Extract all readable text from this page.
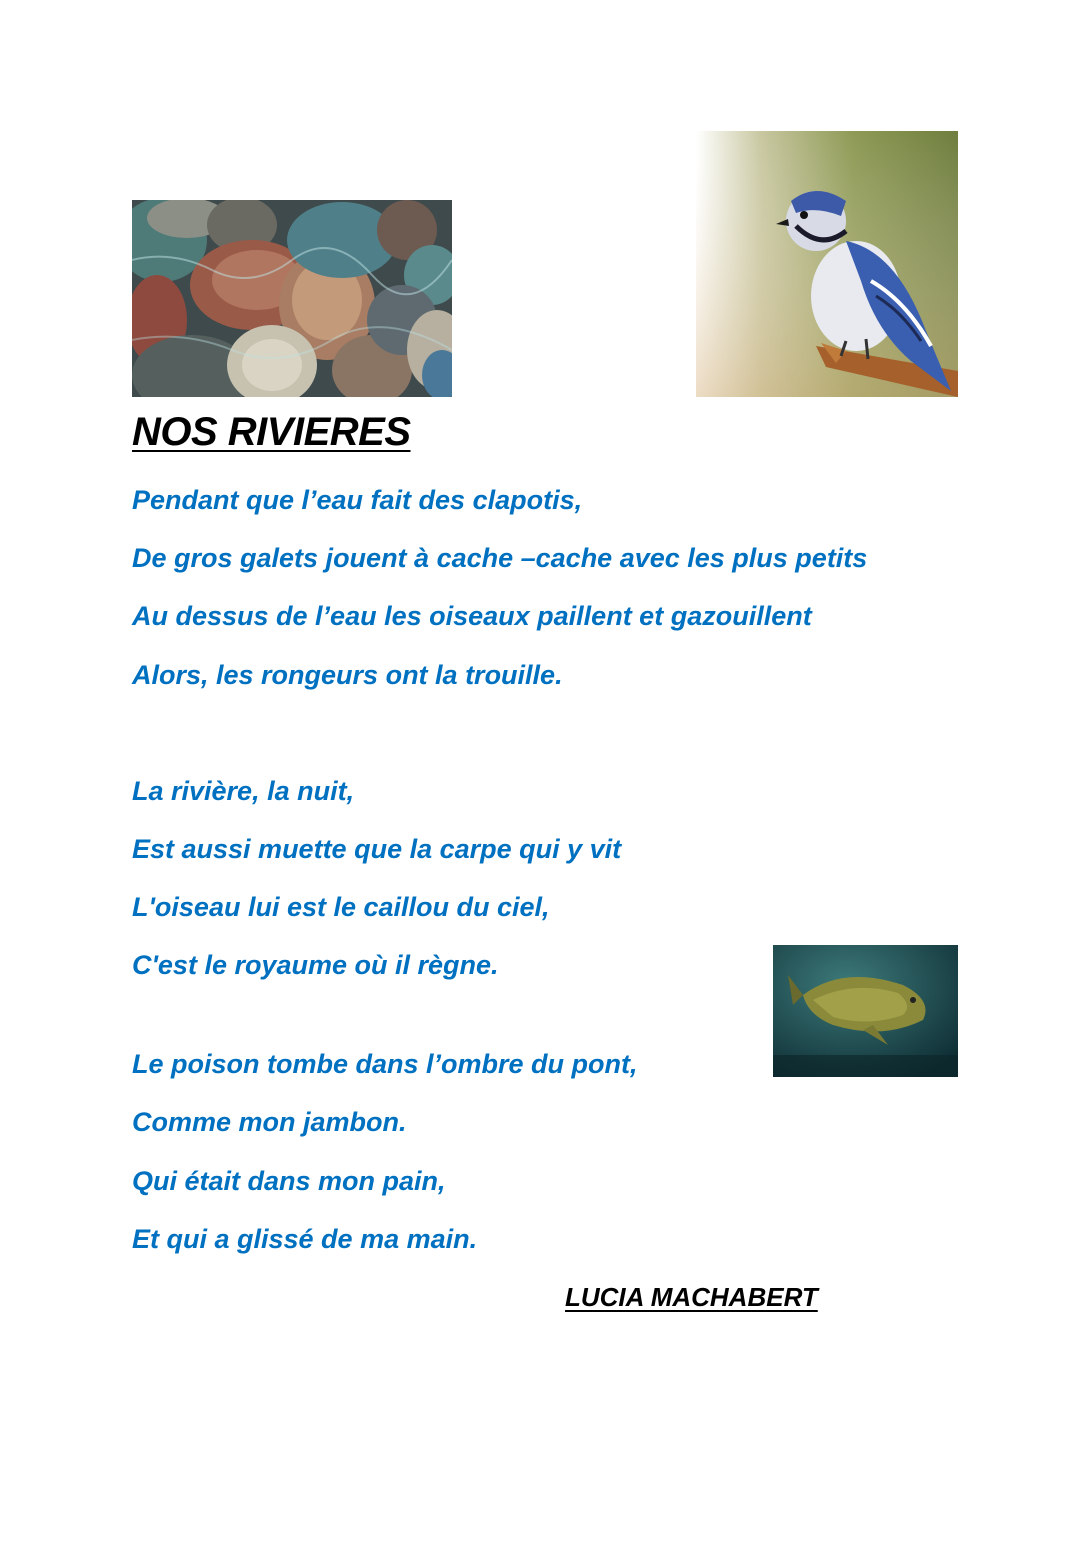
NOS RIVIERES

Pendant que l’eau fait des clapotis,

De gros galets jouent à cache –cache avec les plus petits

Au dessus de l’eau les oiseaux paillent et gazouillent

Alors, les rongeurs ont la trouille.

La rivière, la nuit,

Est aussi muette que la carpe qui y vit

L'oiseau lui est le caillou du ciel,

C'est le royaume où il règne.

Le poison tombe dans l’ombre du pont,

Comme mon jambon.

Qui était dans mon pain,

Et qui a glissé de ma main.

LUCIA MACHABERT
